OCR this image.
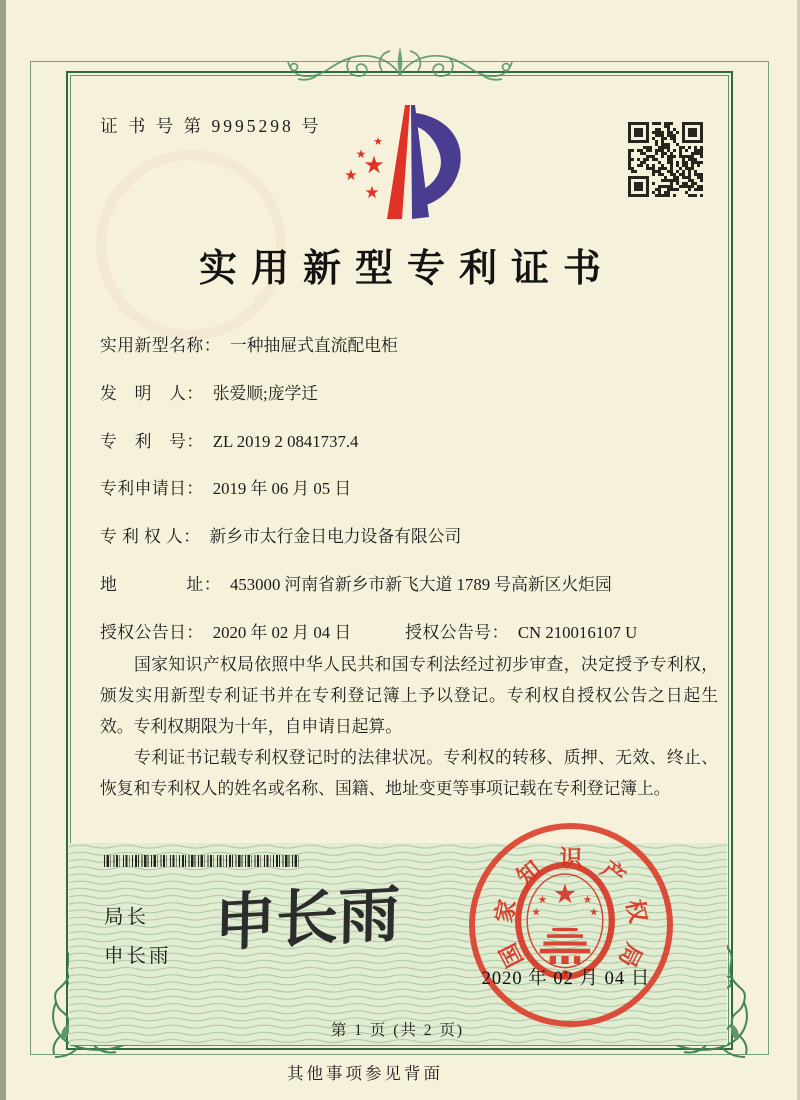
证 书 号 第 9995298 号
★
★
★
★
★
实用新型专利证书
实用新型名称： 一种抽屉式直流配电柜
发　明　人： 张爱顺;庞学迁
专　利　号： ZL 2019 2 0841737.4
专利申请日： 2019 年 06 月 05 日
专 利 权 人： 新乡市太行金日电力设备有限公司
地　　　　址： 453000 河南省新乡市新飞大道 1789 号高新区火炬园
授权公告日： 2020 年 02 月 04 日	授权公告号： CN 210016107 U

国家知识产权局依照中华人民共和国专利法经过初步审查，决定授予专利权，颁发实用新型专利证书并在专利登记簿上予以登记。专利权自授权公告之日起生效。专利权期限为十年，自申请日起算。

专利证书记载专利权登记时的法律状况。专利权的转移、质押、无效、终止、恢复和专利权人的姓名或名称、国籍、地址变更等事项记载在专利登记簿上。

局长
申长雨 申长雨	★
★	★
★	★
国
家
知 识 产
权
局
2020 年 02 月 04 日
第 1 页 (共 2 页)
其他事项参见背面
